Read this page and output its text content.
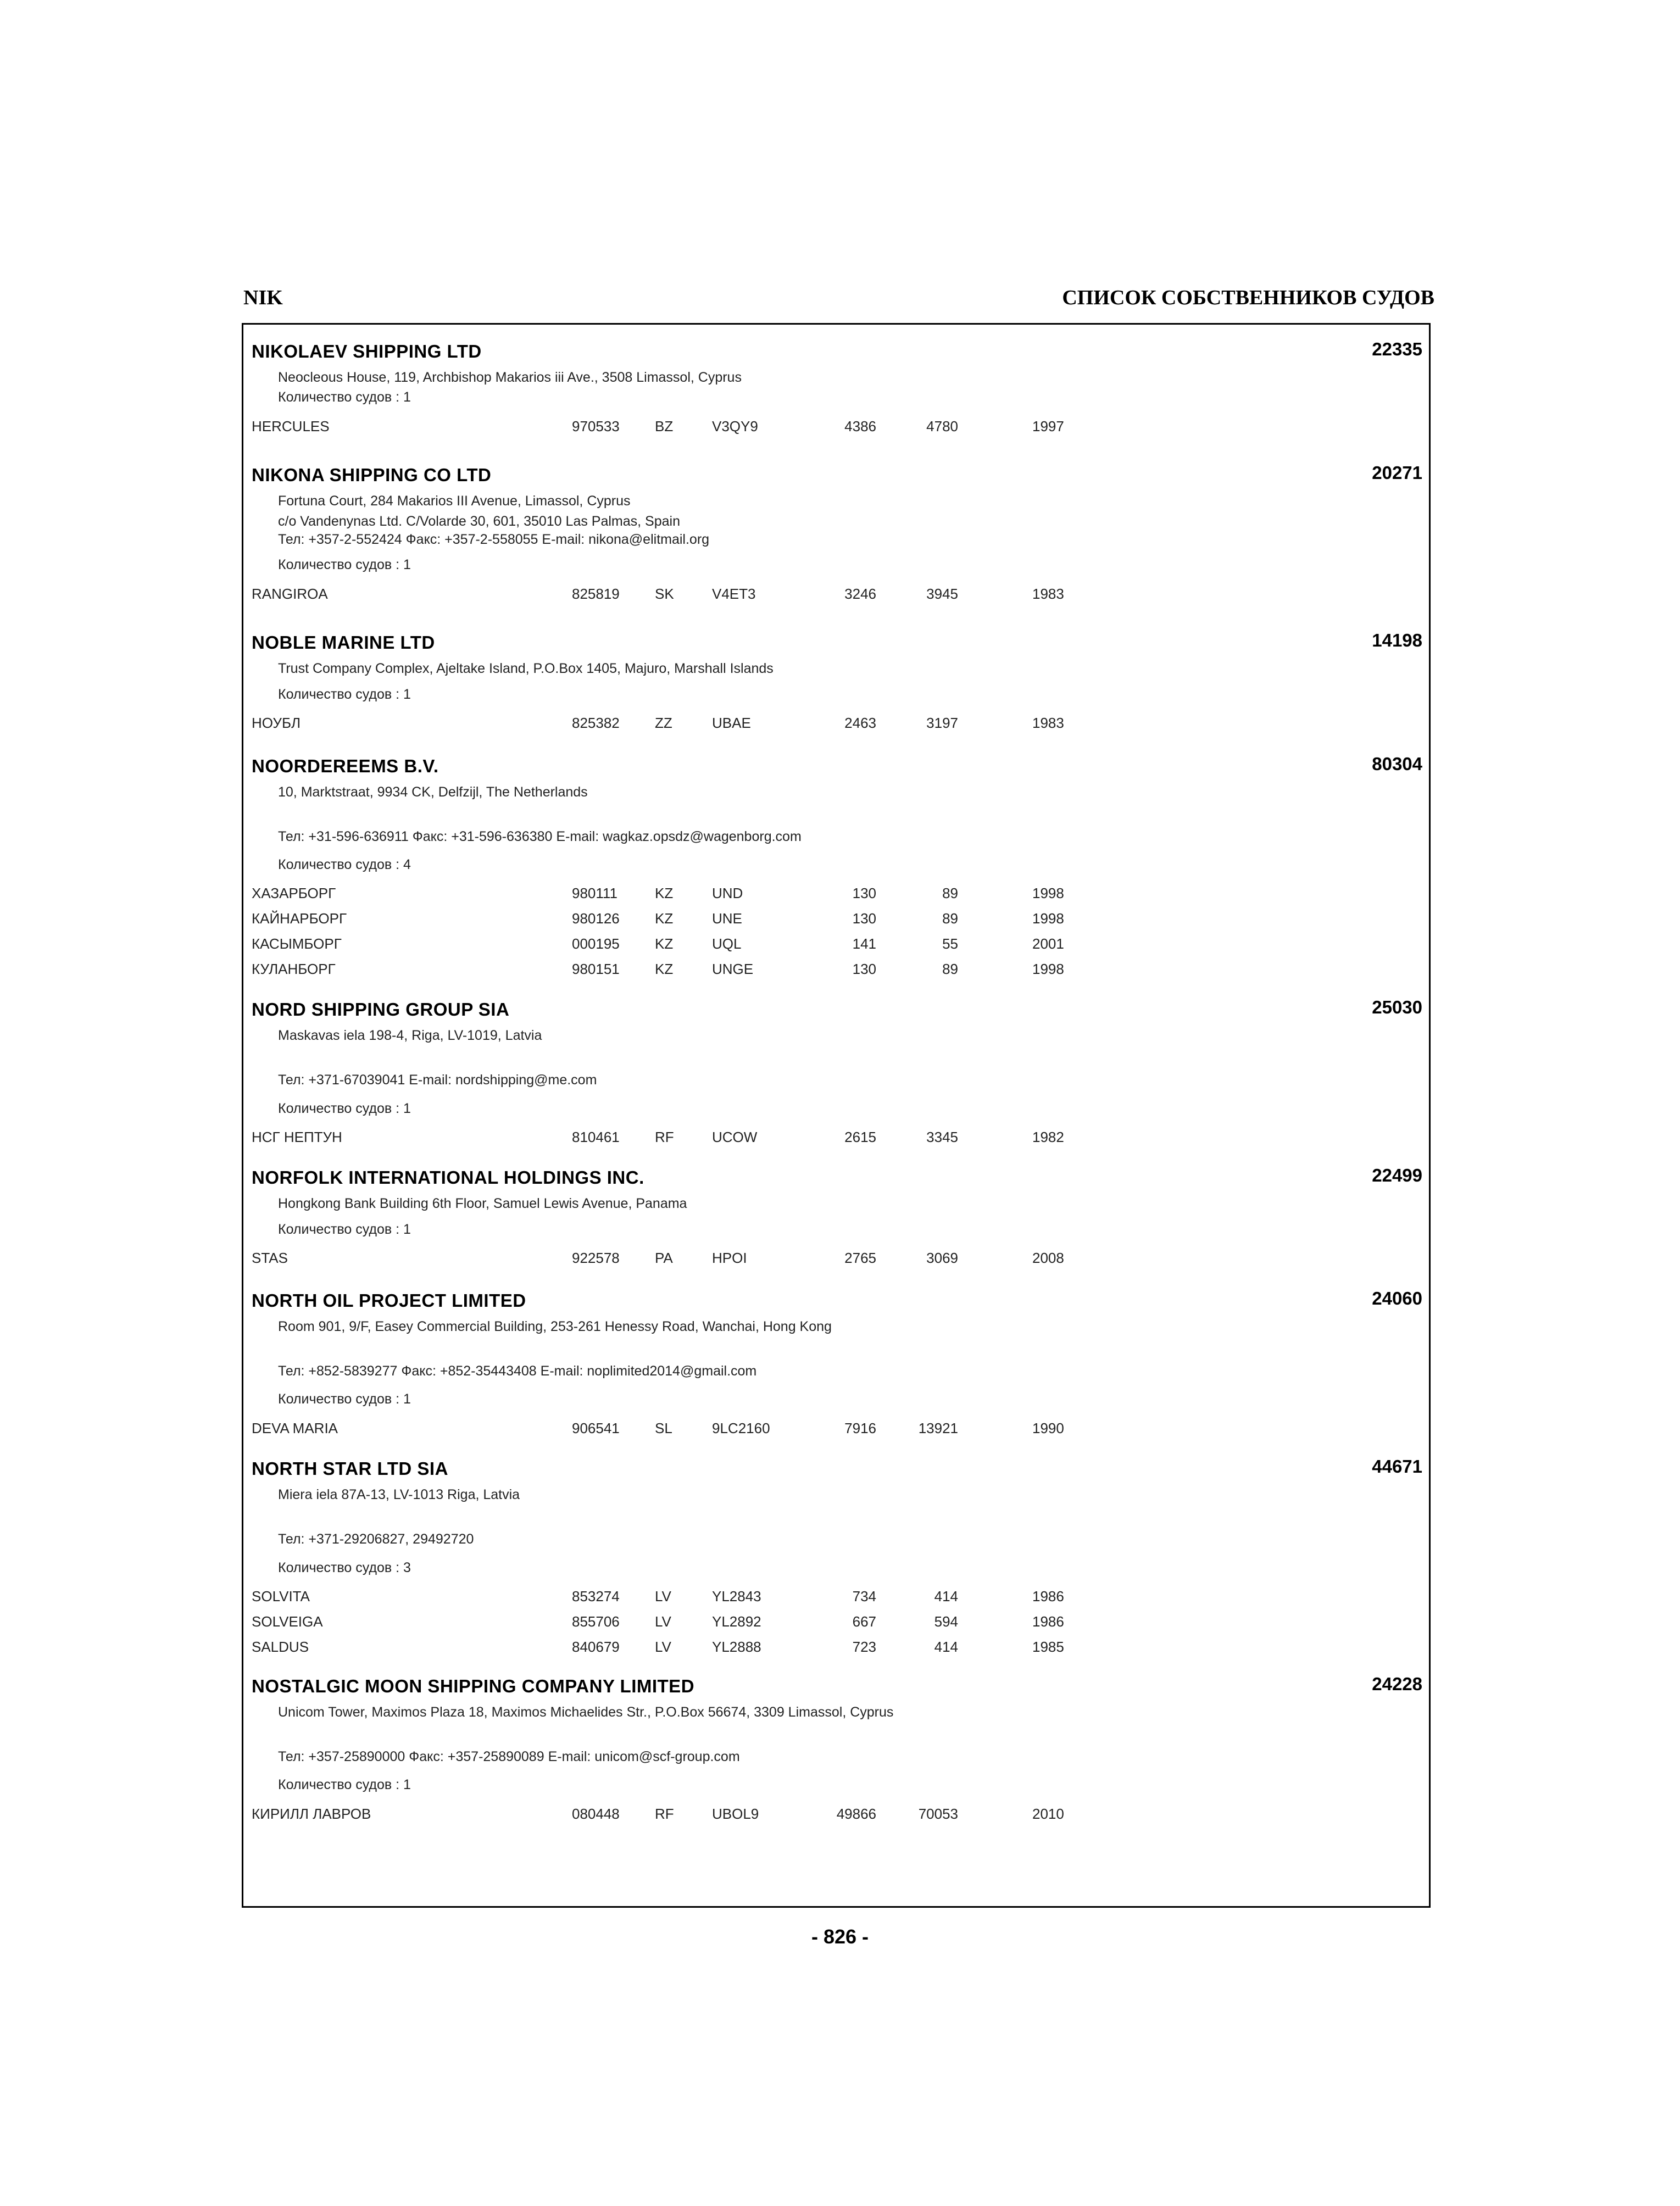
NIK	СПИСОК СОБСТВЕННИКОВ СУДОВ
NIKOLAEV SHIPPING LTD	22335
Neocleous House, 119, Archbishop Makarios iii Ave., 3508 Limassol, Cyprus
Количество судов : 1
HERCULES	970533 BZ	V3QY9	4386	4780	1997
NIKONA SHIPPING CO LTD	20271
Fortuna Court, 284 Makarios III Avenue, Limassol, Cyprus
c/o Vandenynas Ltd. C/Volarde 30, 601, 35010 Las Palmas, Spain
Тел: +357-2-552424 Факс: +357-2-558055 E-mail: nikona@elitmail.org
Количество судов : 1
RANGIROA	825819 SK	V4ET3	3246	3945	1983
NOBLE MARINE LTD	14198
Trust Company Complex, Ajeltake Island, P.O.Box 1405, Majuro, Marshall Islands
Количество судов : 1
НОУБЛ	825382 ZZ	UBAE	2463	3197	1983
NOORDEREEMS B.V.	80304
10, Marktstraat, 9934 CK, Delfzijl, The Netherlands
Тел: +31-596-636911 Факс: +31-596-636380 E-mail: wagkaz.opsdz@wagenborg.com
Количество судов : 4
ХАЗАРБОРГ	980111	KZ	UND	130	89	1998
КАЙНАРБОРГ	980126 KZ	UNE	130	89	1998
КАСЫМБОРГ	000195 KZ	UQL	141	55	2001
КУЛАНБОРГ	980151 KZ	UNGE	130	89	1998
NORD SHIPPING GROUP SIA	25030
Maskavas iela 198-4, Riga, LV-1019, Latvia
Тел: +371-67039041 E-mail: nordshipping@me.com
Количество судов : 1
НСГ НЕПТУН	810461 RF	UCOW	2615	3345	1982
NORFOLK INTERNATIONAL HOLDINGS INC.	22499
Hongkong Bank Building 6th Floor, Samuel Lewis Avenue, Panama
Количество судов : 1
STAS	922578 PA	HPOI	2765	3069	2008
NORTH OIL PROJECT LIMITED	24060
Room 901, 9/F, Easey Commercial Building, 253-261 Henessy Road, Wanchai, Hong Kong
Тел: +852-5839277 Факс: +852-35443408 E-mail: noplimited2014@gmail.com
Количество судов : 1
DEVA MARIA	906541 SL	9LC2160	7916	13921	1990
NORTH STAR LTD SIA	44671
Miera iela 87A-13, LV-1013 Riga, Latvia
Тел: +371-29206827, 29492720
Количество судов : 3
SOLVITA	853274 LV	YL2843	734	414	1986
SOLVEIGA	855706 LV	YL2892	667	594	1986
SALDUS	840679 LV	YL2888	723	414	1985
NOSTALGIC MOON SHIPPING COMPANY LIMITED	24228
Unicom Tower, Maximos Plaza 18, Maximos Michaelides Str., P.O.Box 56674, 3309 Limassol, Cyprus
Тел: +357-25890000 Факс: +357-25890089 E-mail: unicom@scf-group.com
Количество судов : 1
КИРИЛЛ ЛАВРОВ	080448 RF	UBOL9	49866	70053	2010
- 826 -
